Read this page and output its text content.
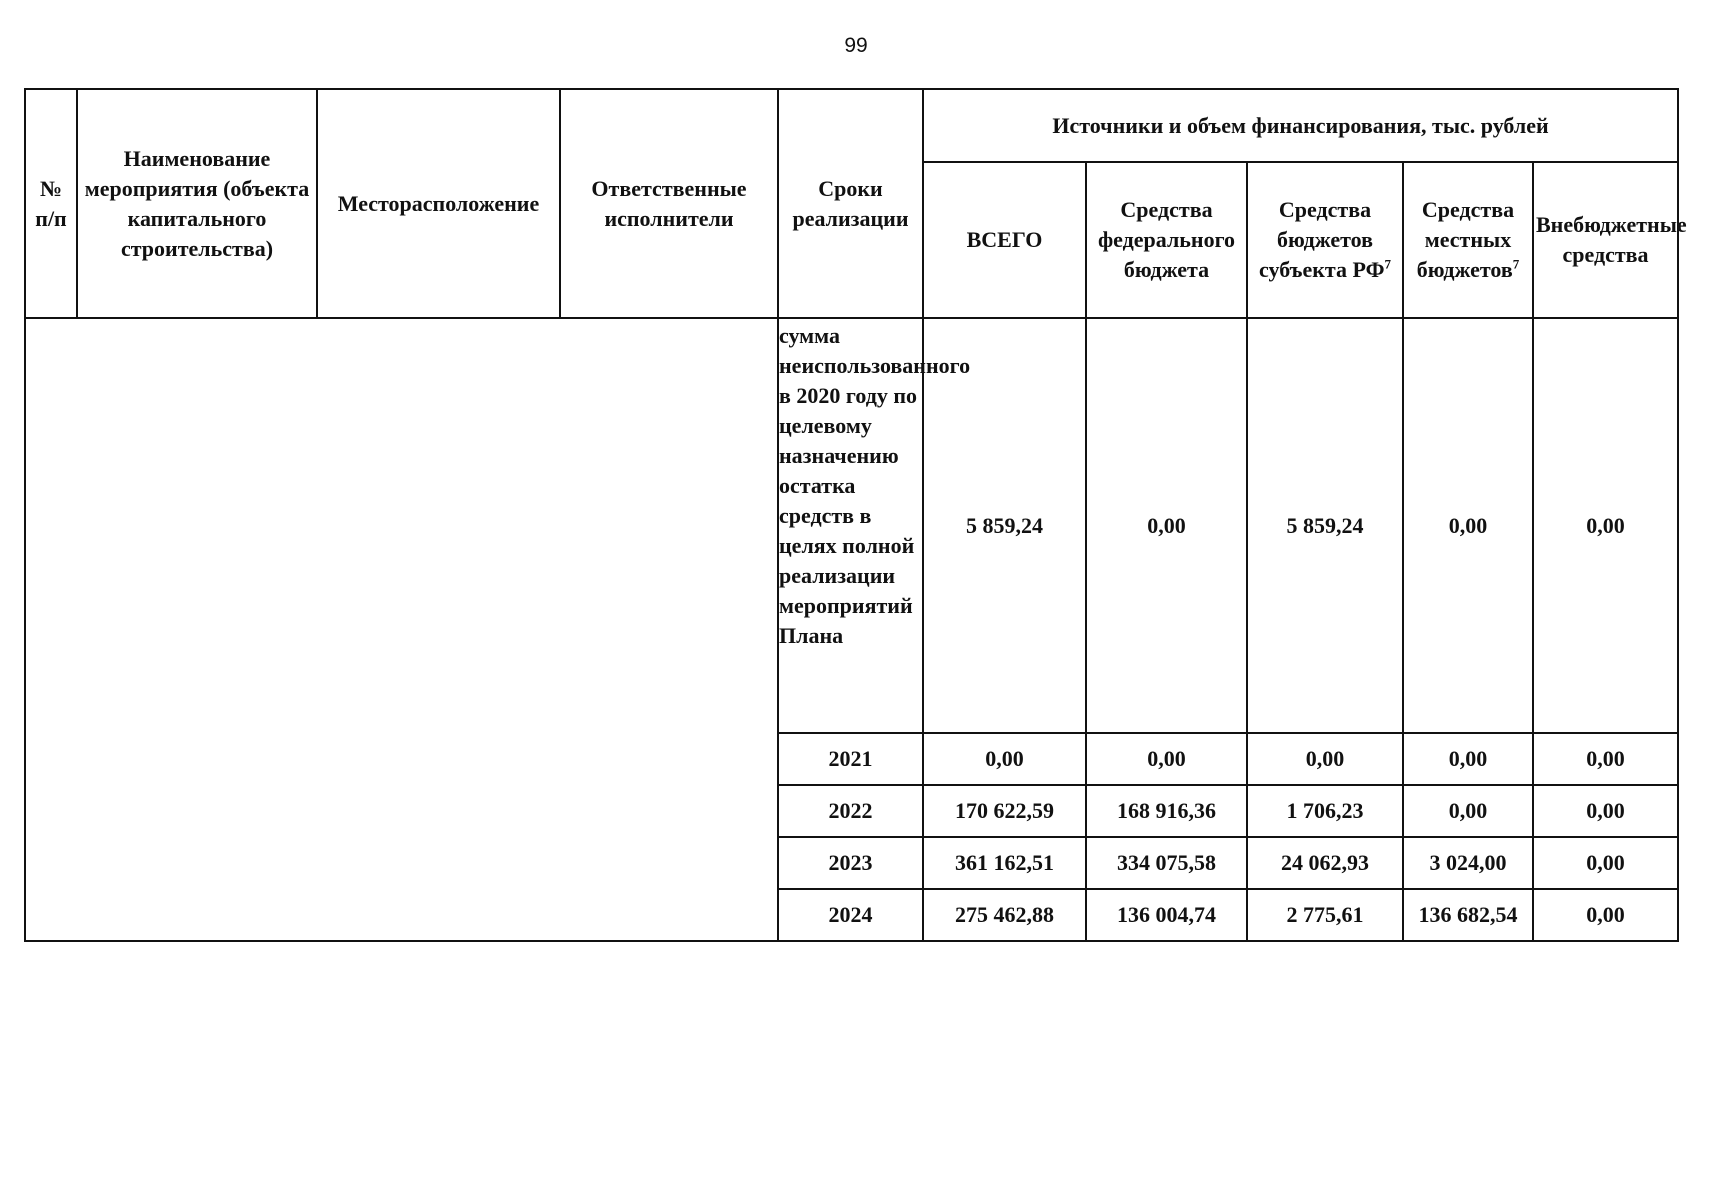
99
№ п/п	Наименование мероприятия (объекта капитального строительства)	Месторасположение	Ответственные исполнители	Сроки реализации	Источники и объем финансирования, тыс. рублей				
					ВСЕГО	Средства федерального бюджета	Средства бюджетов субъекта $РФ^7$	Средства местных бюджетов$^7$	Внебюджетные средства
				сумма неиспользованного в 2020 году по целевому назначению остатка средств в целях полной реализации мероприятий Плана	5 859,24	0,00	5 859,24	0,00	0,00
				2021	0,00	0,00	0,00	0,00	0,00
				2022	170 622,59	168 916,36	1 706,23	0,00	0,00
				2023	361 162,51	334 075,58	24 062,93	3 024,00	0,00
				2024	275 462,88	136 004,74	2 775,61	136 682,54	0,00
